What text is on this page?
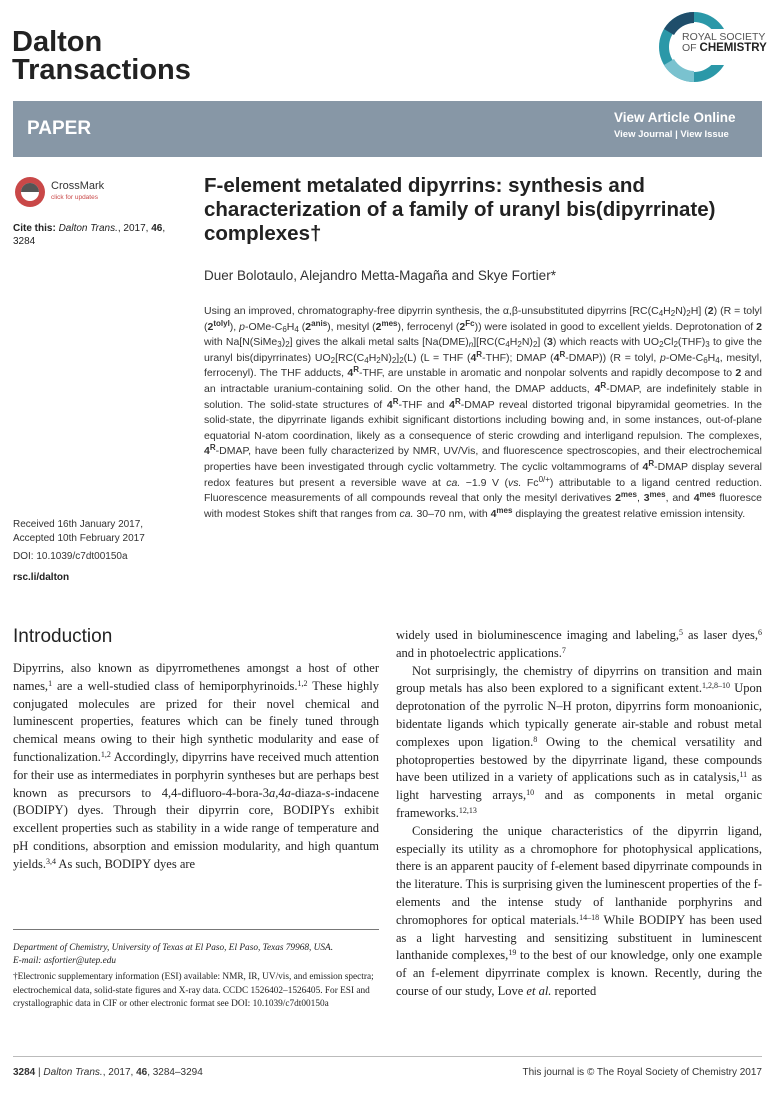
Dalton
Transactions
ROYAL SOCIETY
OF CHEMISTRY
PAPER
View Article Online
View Journal | View Issue
CrossMark
click for updates
Cite this: Dalton Trans., 2017, 46, 3284
F-element metalated dipyrrins: synthesis and characterization of a family of uranyl bis(dipyrrinate) complexes†
Duer Bolotaulo, Alejandro Metta-Magaña and Skye Fortier*
Using an improved, chromatography-free dipyrrin synthesis, the α,β-unsubstituted dipyrrins $[RC(C_4H_2N)_2H]$ (2) (R = tolyl $(2^{tolyl})$, $p-OMe-C_6H_4$ $(2^{anis})$, mesityl $(2^{mes})$, ferrocenyl $(2^{Fc})$) were isolated in good to excellent yields. Deprotonation of 2 with $Na[N(SiMe_3)_2]$ gives the alkali metal salts $[Na(DME)_n][RC(C_4H_2N)_2]$ (3) which reacts with $UO_2Cl_2(THF)_3$ to give the uranyl bis(dipyrrinates) $UO_2[RC(C_4H_2N)_2]_2(L) (L$ = THF $(4^R-THF)$; DMAP $(4^R-DMAP)$) (R = tolyl, $p-OMe-C_6H_4$, mesityl, ferrocenyl). The THF adducts, $4^R$-THF, are unstable in aromatic and nonpolar solvents and rapidly decompose to 2 and an intractable uranium-containing solid. On the other hand, the DMAP adducts, $4^R$-DMAP, are indefinitely stable in solution. The solid-state structures of $4^R$-THF and $4^R$-DMAP reveal distorted trigonal bipyramidal geometries. In the solid-state, the dipyrrinate ligands exhibit significant distortions including bowing and, in some instances, out-of-plane equatorial N-atom coordination, likely as a consequence of steric crowding and interligand repulsion. The complexes, $4^R$-DMAP, have been fully characterized by NMR, UV/Vis, and fluorescence spectroscopies, and their electrochemical properties have been investigated through cyclic voltammetry. The cyclic voltammograms of $4^R$-DMAP display several redox features but present a reversible wave at ca. −1.9 V (vs. $Fc^{0/+}$) attributable to a ligand centred reduction. Fluorescence measurements of all compounds reveal that only the mesityl derivatives $2^{mes}$, $3^{mes}$, and $4^{mes}$ fluoresce with modest Stokes shift that ranges from ca. 30–70 nm, with $4^{mes}$ displaying the greatest relative emission intensity.
Received 16th January 2017,
Accepted 10th February 2017
DOI: 10.1039/c7dt00150a
rsc.li/dalton
Introduction

Dipyrrins, also known as dipyrromethenes amongst a host of other names,$^1$ are a well-studied class of hemiporphyrinoids.$^{1,2}$ These highly conjugated molecules are prized for their novel chemical and luminescent properties, features which can be finely tuned through chemical means owing to their high synthetic modularity and ease of functionalization.$^{1,2}$ Accordingly, dipyrrins have received much attention for their use as intermediates in porphyrin syntheses but are perhaps best known as precursors to 4,4-difluoro-4-bora-3a,4a-diaza-s-indacene (BODIPY) dyes. Through their dipyrrin core, BODIPYs exhibit excellent properties such as stability in a wide range of temperature and pH conditions, absorption and emission modularity, and high quantum yields.$^{3,4}$ As such, BODIPY dyes are

Department of Chemistry, University of Texas at El Paso, El Paso, Texas 79968, USA.
E-mail: asfortier@utep.edu

†Electronic supplementary information (ESI) available: NMR, IR, UV/vis, and emission spectra; electrochemical data, solid-state figures and X-ray data. CCDC 1526402–1526405. For ESI and crystallographic data in CIF or other electronic format see DOI: 10.1039/c7dt00150a

widely used in bioluminescence imaging and labeling,$^5$ as laser dyes,$^6$ and in photoelectric applications.$^7$

Not surprisingly, the chemistry of dipyrrins on transition and main group metals has also been explored to a significant extent.$^{1,2,8-10}$ Upon deprotonation of the pyrrolic N–H proton, dipyrrins form monoanionic, bidentate ligands which typically generate air-stable and robust metal complexes upon ligation.$^8$ Owing to the chemical versatility and photoproperties bestowed by the dipyrrinate ligand, these compounds have been utilized in a variety of applications such as in catalysis,$^{11}$ as light harvesting arrays,$^{10}$ and as components in metal organic frameworks.$^{12,13}$

Considering the unique characteristics of the dipyrrin ligand, especially its utility as a chromophore for photophysical applications, there is an apparent paucity of f-element based dipyrrinate compounds in the literature. This is surprising given the luminescent properties of the f-elements and the intense study of lanthanide porphyrins and chromophores for optical materials.$^{14-18}$ While BODIPY has been used as a light harvesting and sensitizing substituent in luminescent lanthanide complexes,$^{19}$ to the best of our knowledge, only one example of an f-element dipyrrinate complex is known. Recently, during the course of our study, Love et al. reported

3284 | Dalton Trans., 2017, 46, 3284–3294	This journal is © The Royal Society of Chemistry 2017
